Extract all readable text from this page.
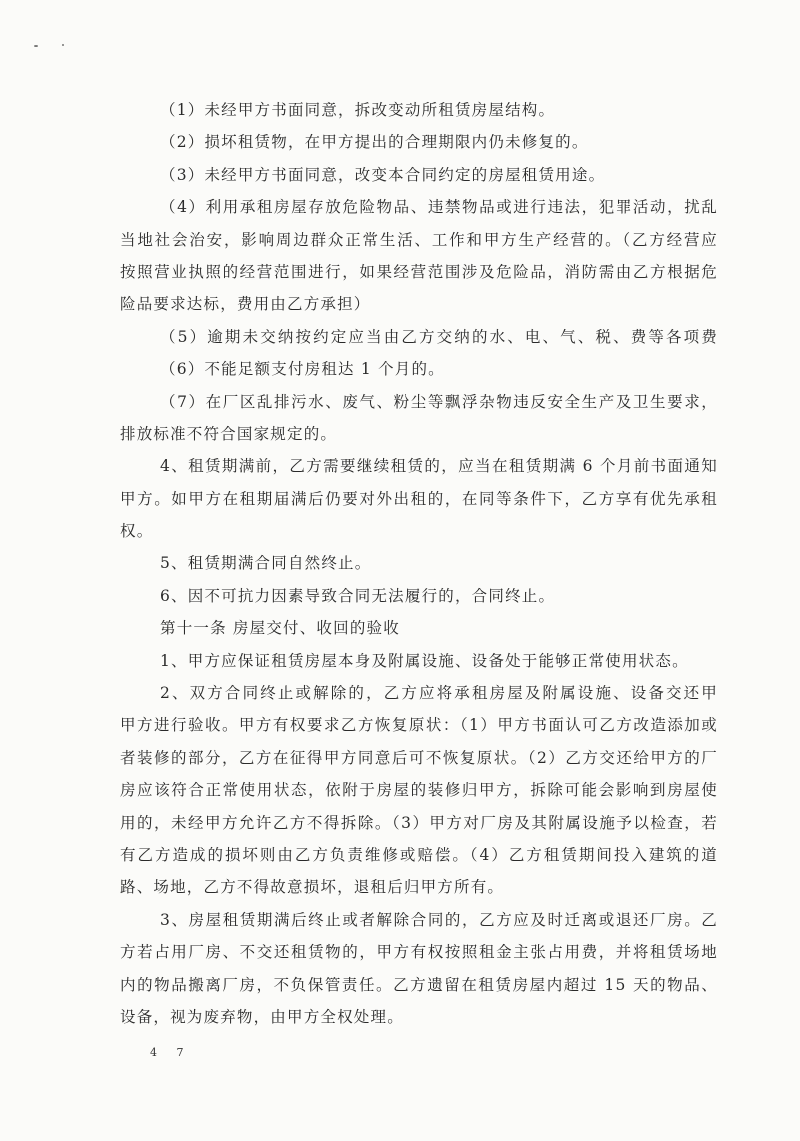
（1）未经甲方书面同意，拆改变动所租赁房屋结构。
（2）损坏租赁物，在甲方提出的合理期限内仍未修复的。
（3）未经甲方书面同意，改变本合同约定的房屋租赁用途。
（4）利用承租房屋存放危险物品、违禁物品或进行违法，犯罪活动，扰乱
当地社会治安，影响周边群众正常生活、工作和甲方生产经营的。（乙方经营应
按照营业执照的经营范围进行，如果经营范围涉及危险品，消防需由乙方根据危
险品要求达标，费用由乙方承担）
（5）逾期未交纳按约定应当由乙方交纳的水、电、气、税、费等各项费
（6）不能足额支付房租达 1 个月的。
（7）在厂区乱排污水、废气、粉尘等飘浮杂物违反安全生产及卫生要求，
排放标准不符合国家规定的。
4、租赁期满前，乙方需要继续租赁的，应当在租赁期满 6 个月前书面通知
甲方。如甲方在租期届满后仍要对外出租的，在同等条件下，乙方享有优先承租
权。
5、租赁期满合同自然终止。
6、因不可抗力因素导致合同无法履行的，合同终止。
第十一条 房屋交付、收回的验收
1、甲方应保证租赁房屋本身及附属设施、设备处于能够正常使用状态。
2、双方合同终止或解除的，乙方应将承租房屋及附属设施、设备交还甲
甲方进行验收。甲方有权要求乙方恢复原状：（1）甲方书面认可乙方改造添加或
者装修的部分，乙方在征得甲方同意后可不恢复原状。（2）乙方交还给甲方的厂
房应该符合正常使用状态，依附于房屋的装修归甲方，拆除可能会影响到房屋使
用的，未经甲方允许乙方不得拆除。（3）甲方对厂房及其附属设施予以检查，若
有乙方造成的损坏则由乙方负责维修或赔偿。（4）乙方租赁期间投入建筑的道
路、场地，乙方不得故意损坏，退租后归甲方所有。
3、房屋租赁期满后终止或者解除合同的，乙方应及时迁离或退还厂房。乙
方若占用厂房、不交还租赁物的，甲方有权按照租金主张占用费，并将租赁场地
内的物品搬离厂房，不负保管责任。乙方遗留在租赁房屋内超过 15 天的物品、
设备，视为废弃物，由甲方全权处理。
4 7
